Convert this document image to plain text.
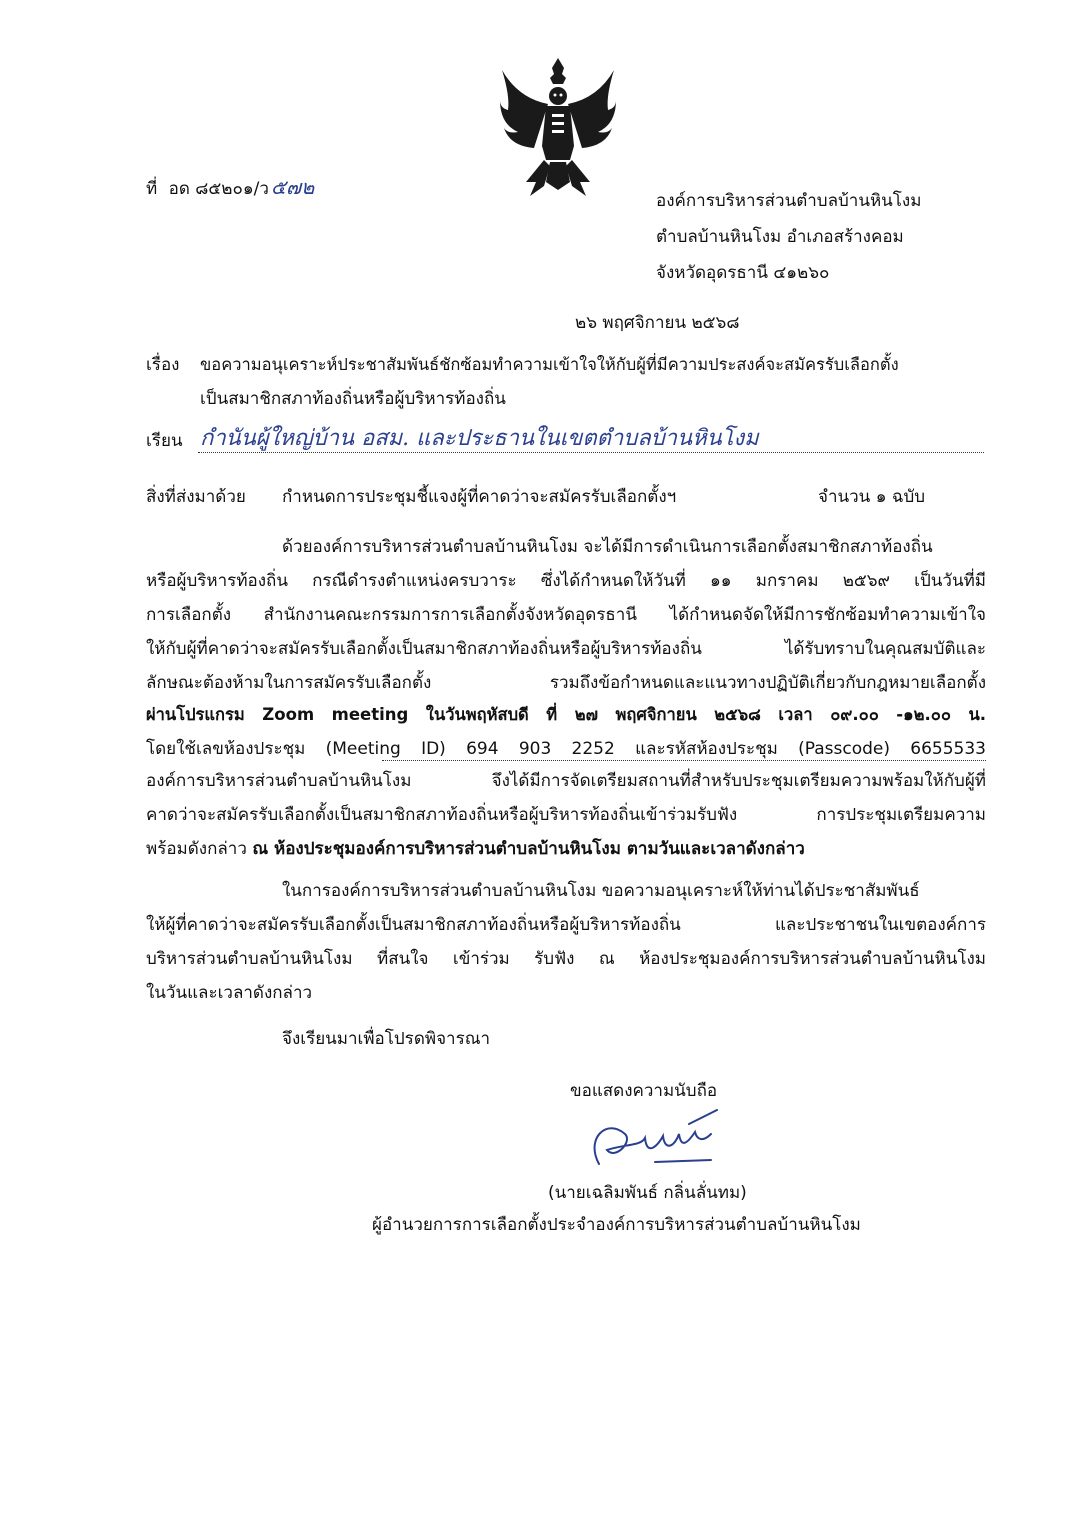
ที่ อด ๘๕๒๐๑/ว ๕๗๒
องค์การบริหารส่วนตำบลบ้านหินโงม
ตำบลบ้านหินโงม อำเภอสร้างคอม
จังหวัดอุดรธานี ๔๑๒๖๐
๒๖ พฤศจิกายน ๒๕๖๘
เรื่อง ขอความอนุเคราะห์ประชาสัมพันธ์ชักซ้อมทำความเข้าใจให้กับผู้ที่มีความประสงค์จะสมัครรับเลือกตั้ง
เป็นสมาชิกสภาท้องถิ่นหรือผู้บริหารท้องถิ่น
เรียน กำนันผู้ใหญ่บ้าน อสม. และประธานในเขตตำบลบ้านหินโงม
สิ่งที่ส่งมาด้วย กำหนดการประชุมชี้แจงผู้ที่คาดว่าจะสมัครรับเลือกตั้งฯ	จำนวน ๑ ฉบับ
ด้วยองค์การบริหารส่วนตำบลบ้านหินโงม จะได้มีการดำเนินการเลือกตั้งสมาชิกสภาท้องถิ่น
หรือผู้บริหารท้องถิ่น กรณีดำรงตำแหน่งครบวาระ ซึ่งได้กำหนดให้วันที่ ๑๑ มกราคม ๒๕๖๙ เป็นวันที่มี
การเลือกตั้ง สำนักงานคณะกรรมการการเลือกตั้งจังหวัดอุดรธานี ได้กำหนดจัดให้มีการชักซ้อมทำความเข้าใจ
ให้กับผู้ที่คาดว่าจะสมัครรับเลือกตั้งเป็นสมาชิกสภาท้องถิ่นหรือผู้บริหารท้องถิ่น ได้รับทราบในคุณสมบัติและ
ลักษณะต้องห้ามในการสมัครรับเลือกตั้ง รวมถึงข้อกำหนดและแนวทางปฏิบัติเกี่ยวกับกฎหมายเลือกตั้ง
ผ่านโปรแกรม Zoom meeting ในวันพฤหัสบดี ที่ ๒๗ พฤศจิกายน ๒๕๖๘ เวลา ๐๙.๐๐ -๑๒.๐๐ น.
โดยใช้เลขห้องประชุม (Meeting ID) 694 903 2252 และรหัสห้องประชุม (Passcode) 6655533
องค์การบริหารส่วนตำบลบ้านหินโงม จึงได้มีการจัดเตรียมสถานที่สำหรับประชุมเตรียมความพร้อมให้กับผู้ที่
คาดว่าจะสมัครรับเลือกตั้งเป็นสมาชิกสภาท้องถิ่นหรือผู้บริหารท้องถิ่นเข้าร่วมรับฟัง การประชุมเตรียมความ
พร้อมดังกล่าว ณ ห้องประชุมองค์การบริหารส่วนตำบลบ้านหินโงม ตามวันและเวลาดังกล่าว
ในการองค์การบริหารส่วนตำบลบ้านหินโงม ขอความอนุเคราะห์ให้ท่านได้ประชาสัมพันธ์
ให้ผู้ที่คาดว่าจะสมัครรับเลือกตั้งเป็นสมาชิกสภาท้องถิ่นหรือผู้บริหารท้องถิ่น และประชาชนในเขตองค์การ
บริหารส่วนตำบลบ้านหินโงม ที่สนใจ เข้าร่วม รับฟัง ณ ห้องประชุมองค์การบริหารส่วนตำบลบ้านหินโงม
ในวันและเวลาดังกล่าว
จึงเรียนมาเพื่อโปรดพิจารณา
ขอแสดงความนับถือ
(นายเฉลิมพันธ์ กลิ่นลั่นทม)
ผู้อำนวยการการเลือกตั้งประจำองค์การบริหารส่วนตำบลบ้านหินโงม
